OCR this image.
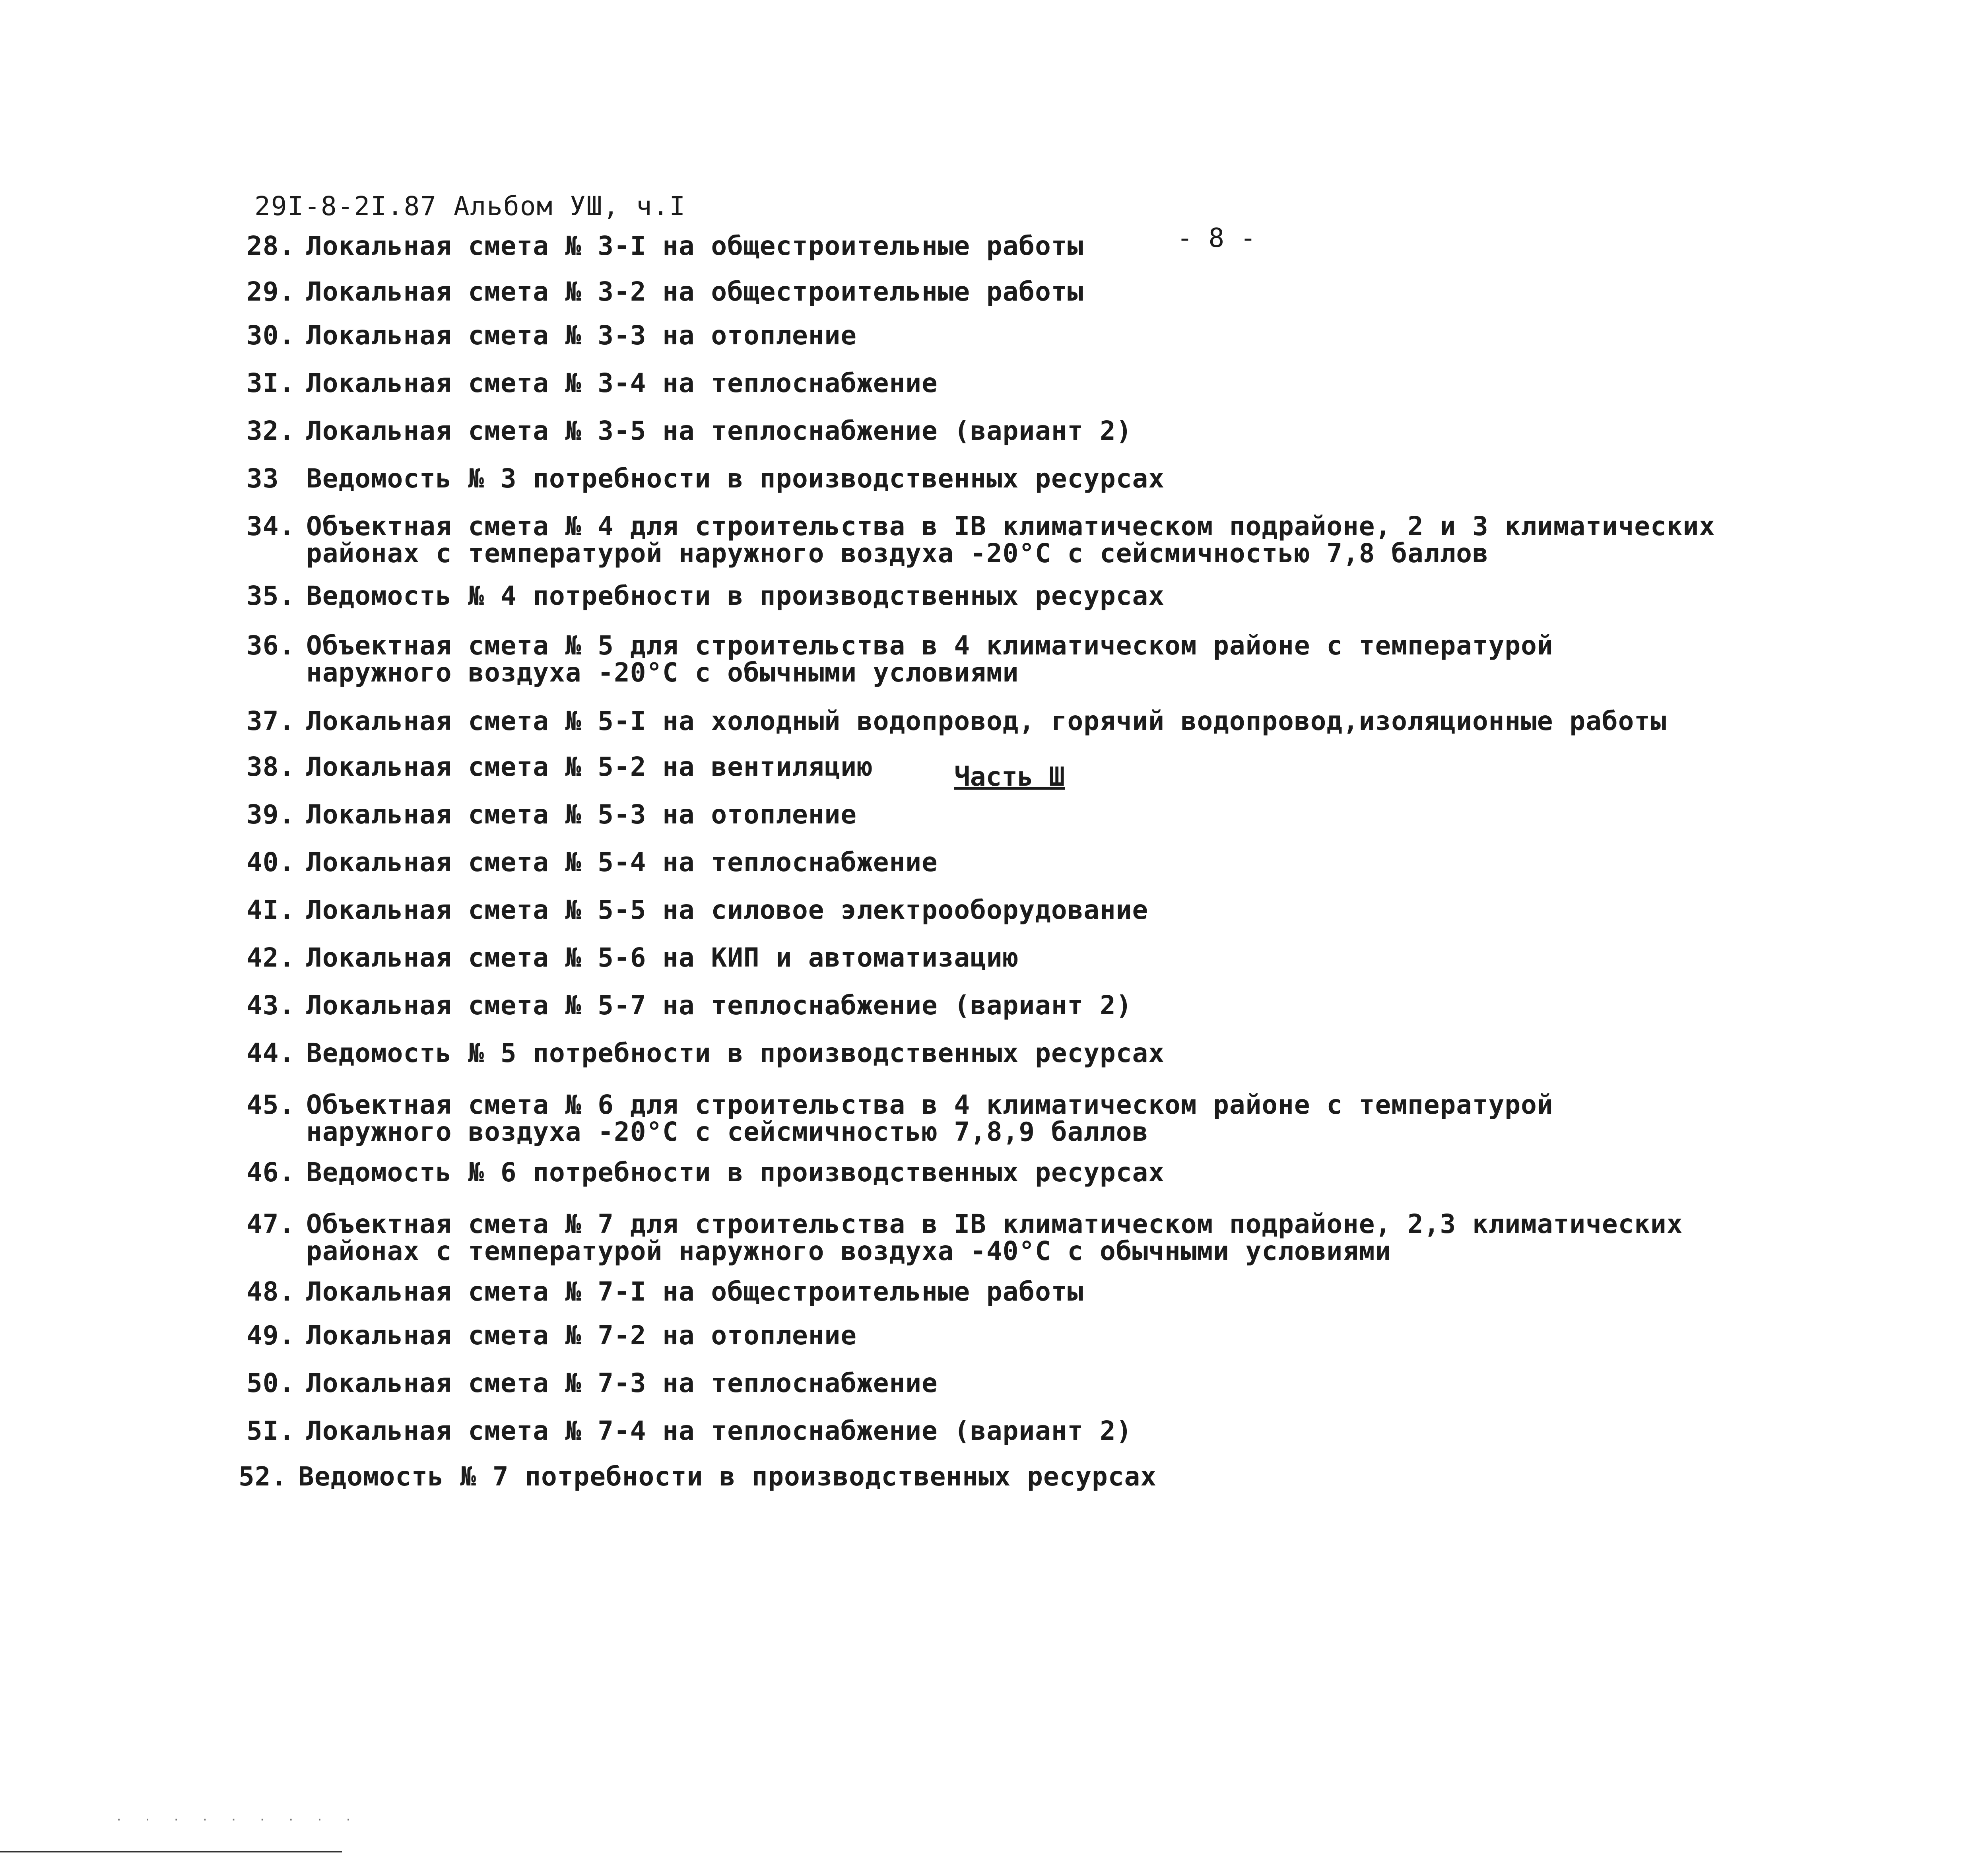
29I-8-2I.87 Альбом УШ, ч.I
- 8 -
28. Локальная смета № 3-I на общестроительные работы
29. Локальная смета № 3-2 на общестроительные работы
30. Локальная смета № 3-3 на отопление
3I. Локальная смета № 3-4 на теплоснабжение
32. Локальная смета № 3-5 на теплоснабжение (вариант 2)
33 Ведомость № 3 потребности в производственных ресурсах
34. Объектная смета № 4 для строительства в IВ климатическом подрайоне, 2 и 3 климатических
районах с температурой наружного воздуха -20°С с сейсмичностью 7,8 баллов
35. Ведомость № 4 потребности в производственных ресурсах
36. Объектная смета № 5 для строительства в 4 климатическом районе с температурой
наружного воздуха -20°С с обычными условиями
37. Локальная смета № 5-I на холодный водопровод, горячий водопровод,изоляционные работы
38. Локальная смета № 5-2 на вентиляцию
39. Локальная смета № 5-3 на отопление
40. Локальная смета № 5-4 на теплоснабжение
4I. Локальная смета № 5-5 на силовое электрооборудование
42. Локальная смета № 5-6 на КИП и автоматизацию
43. Локальная смета № 5-7 на теплоснабжение (вариант 2)
44. Ведомость № 5 потребности в производственных ресурсах
45. Объектная смета № 6 для строительства в 4 климатическом районе с температурой
наружного воздуха -20°С с сейсмичностью 7,8,9 баллов
46. Ведомость № 6 потребности в производственных ресурсах
47. Объектная смета № 7 для строительства в IВ климатическом подрайоне, 2,3 климатических
районах с температурой наружного воздуха -40°С с обычными условиями
48. Локальная смета № 7-I на общестроительные работы
49. Локальная смета № 7-2 на отопление
50. Локальная смета № 7-3 на теплоснабжение
5I. Локальная смета № 7-4 на теплоснабжение (вариант 2)
52. Ведомость № 7 потребности в производственных ресурсах
Часть Ш
· · · · · · · · ·
